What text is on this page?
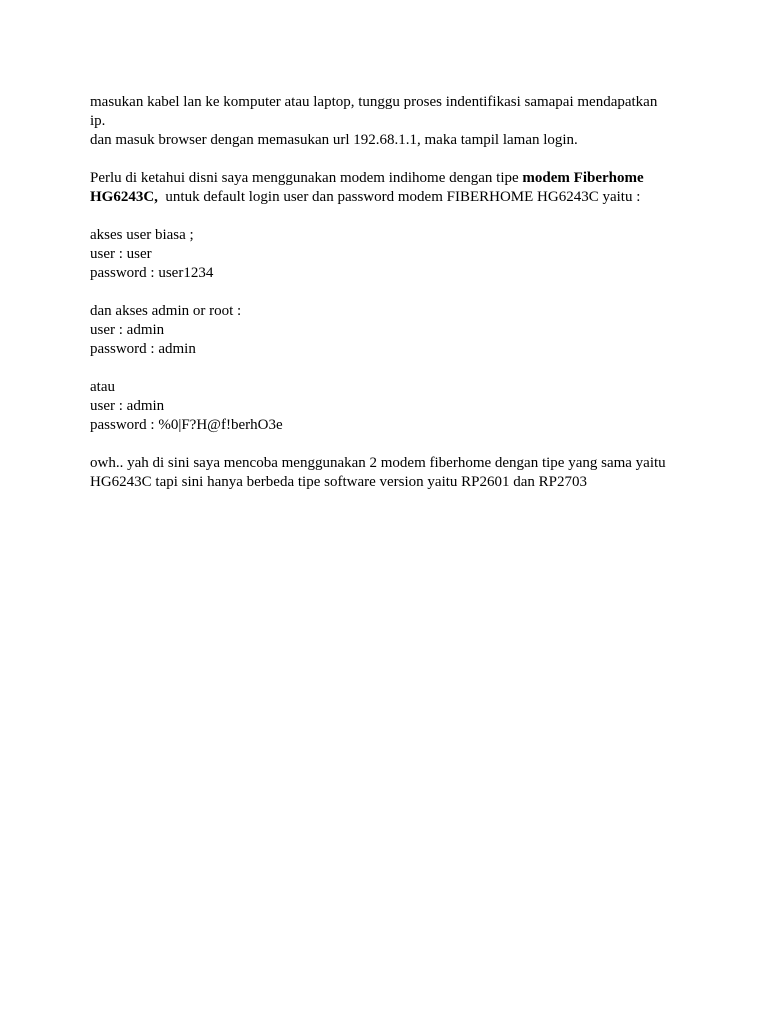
masukan kabel lan ke komputer atau laptop, tunggu proses indentifikasi samapai mendapatkan
ip.
dan masuk browser dengan memasukan url 192.68.1.1, maka tampil laman login.

Perlu di ketahui disni saya menggunakan modem indihome dengan tipe modem Fiberhome
HG6243C,  untuk default login user dan password modem FIBERHOME HG6243C yaitu :

akses user biasa ;
user : user
password : user1234

dan akses admin or root :
user : admin
password : admin

atau
user : admin
password : %0|F?H@f!berhO3e

owh.. yah di sini saya mencoba menggunakan 2 modem fiberhome dengan tipe yang sama yaitu
HG6243C tapi sini hanya berbeda tipe software version yaitu RP2601 dan RP2703
